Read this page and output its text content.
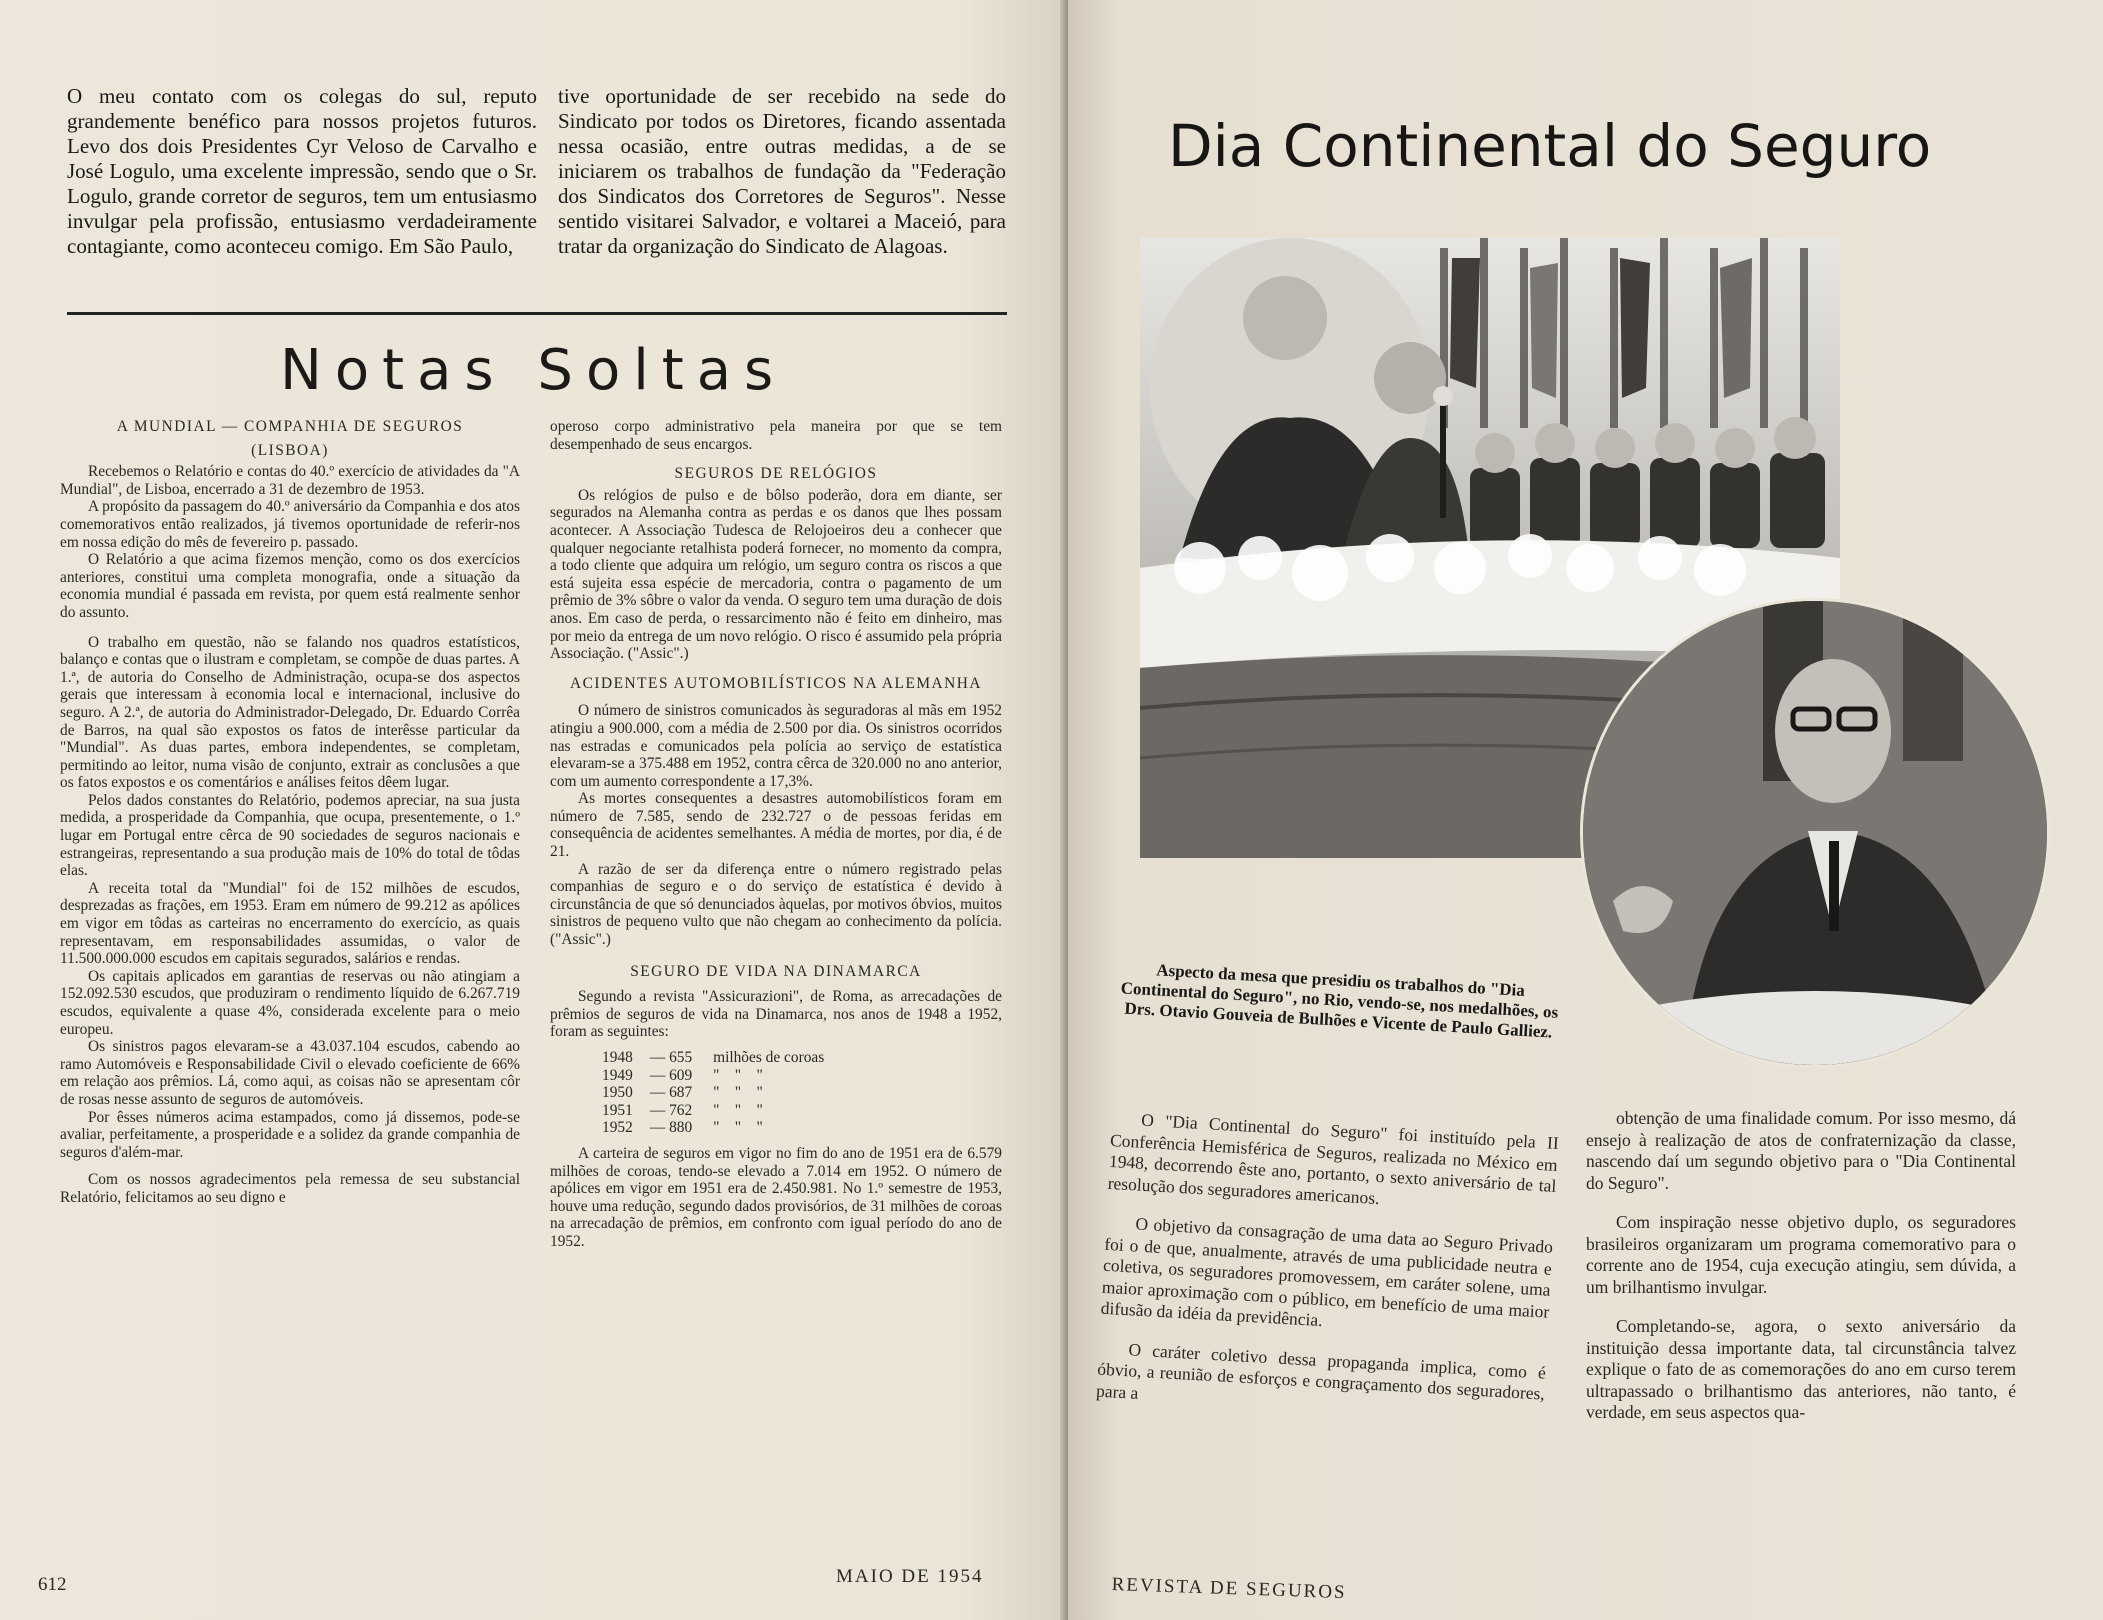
O meu contato com os colegas do sul, reputo grandemente benéfico para nossos projetos futuros. Levo dos dois Presidentes Cyr Veloso de Carvalho e José Logulo, uma excelente impressão, sendo que o Sr. Logulo, grande corretor de seguros, tem um entusiasmo invulgar pela profissão, entusiasmo verdadeiramente contagiante, como aconteceu comigo. Em São Paulo,

tive oportunidade de ser recebido na sede do Sindicato por todos os Diretores, ficando assentada nessa ocasião, entre outras medidas, a de se iniciarem os trabalhos de fundação da "Federação dos Sindicatos dos Corretores de Seguros". Nesse sentido visitarei Salvador, e voltarei a Maceió, para tratar da organização do Sindicato de Alagoas.

Notas Soltas

A MUNDIAL — COMPANHIA DE SEGUROS

(LISBOA)

Recebemos o Relatório e contas do 40.º exercício de atividades da "A Mundial", de Lisboa, encerrado a 31 de dezembro de 1953.

A propósito da passagem do 40.º aniversário da Companhia e dos atos comemorativos então realizados, já tivemos oportunidade de referir-nos em nossa edição do mês de fevereiro p. passado.

O Relatório a que acima fizemos menção, como os dos exercícios anteriores, constitui uma completa monografia, onde a situação da economia mundial é passada em revista, por quem está realmente senhor do assunto.

O trabalho em questão, não se falando nos quadros estatísticos, balanço e contas que o ilustram e completam, se compõe de duas partes. A 1.ª, de autoria do Conselho de Administração, ocupa-se dos aspectos gerais que interessam à economia local e internacional, inclusive do seguro. A 2.ª, de autoria do Administrador-Delegado, Dr. Eduardo Corrêa de Barros, na qual são expostos os fatos de interêsse particular da "Mundial". As duas partes, embora independentes, se completam, permitindo ao leitor, numa visão de conjunto, extrair as conclusões a que os fatos expostos e os comentários e análises feitos dêem lugar.

Pelos dados constantes do Relatório, podemos apreciar, na sua justa medida, a prosperidade da Companhia, que ocupa, presentemente, o 1.º lugar em Portugal entre cêrca de 90 sociedades de seguros nacionais e estrangeiras, representando a sua produção mais de 10% do total de tôdas elas.

A receita total da "Mundial" foi de 152 milhões de escudos, desprezadas as frações, em 1953. Eram em número de 99.212 as apólices em vigor em tôdas as carteiras no encerramento do exercício, as quais representavam, em responsabilidades assumidas, o valor de 11.500.000.000 escudos em capitais segurados, salários e rendas.

Os capitais aplicados em garantias de reservas ou não atingiam a 152.092.530 escudos, que produziram o rendimento líquido de 6.267.719 escudos, equivalente a quase 4%, considerada excelente para o meio europeu.

Os sinistros pagos elevaram-se a 43.037.104 escudos, cabendo ao ramo Automóveis e Responsabilidade Civil o elevado coeficiente de 66% em relação aos prêmios. Lá, como aqui, as coisas não se apresentam côr de rosas nesse assunto de seguros de automóveis.

Por êsses números acima estampados, como já dissemos, pode-se avaliar, perfeitamente, a prosperidade e a solidez da grande companhia de seguros d'além-mar.

Com os nossos agradecimentos pela remessa de seu substancial Relatório, felicitamos ao seu digno e

operoso corpo administrativo pela maneira por que se tem desempenhado de seus encargos.

SEGUROS DE RELÓGIOS

Os relógios de pulso e de bôlso poderão, dora em diante, ser segurados na Alemanha contra as perdas e os danos que lhes possam acontecer. A Associação Tudesca de Relojoeiros deu a conhecer que qualquer negociante retalhista poderá fornecer, no momento da compra, a todo cliente que adquira um relógio, um seguro contra os riscos a que está sujeita essa espécie de mercadoria, contra o pagamento de um prêmio de 3% sôbre o valor da venda. O seguro tem uma duração de dois anos. Em caso de perda, o ressarcimento não é feito em dinheiro, mas por meio da entrega de um novo relógio. O risco é assumido pela própria Associação. ("Assic".)

ACIDENTES AUTOMOBILÍSTICOS NA ALEMANHA

O número de sinistros comunicados às seguradoras al mãs em 1952 atingiu a 900.000, com a média de 2.500 por dia. Os sinistros ocorridos nas estradas e comunicados pela polícia ao serviço de estatística elevaram-se a 375.488 em 1952, contra cêrca de 320.000 no ano anterior, com um aumento correspondente a 17,3%.

As mortes consequentes a desastres automobilísticos foram em número de 7.585, sendo de 232.727 o de pessoas feridas em consequência de acidentes semelhantes. A média de mortes, por dia, é de 21.

A razão de ser da diferença entre o número registrado pelas companhias de seguro e o do serviço de estatística é devido à circunstância de que só denunciados àquelas, por motivos óbvios, muitos sinistros de pequeno vulto que não chegam ao conhecimento da polícia. ("Assic".)

SEGURO DE VIDA NA DINAMARCA

Segundo a revista "Assicurazioni", de Roma, as arrecadações de prêmios de seguros de vida na Dinamarca, nos anos de 1948 a 1952, foram as seguintes:

1948 — 655 milhões de coroas
1949 — 609 "    "    "
1950 — 687 "    "    "
1951 — 762 "    "    "
1952 — 880 "    "    "

A carteira de seguros em vigor no fim do ano de 1951 era de 6.579 milhões de coroas, tendo-se elevado a 7.014 em 1952. O número de apólices em vigor em 1951 era de 2.450.981. No 1.º semestre de 1953, houve uma redução, segundo dados provisórios, de 31 milhões de coroas na arrecadação de prêmios, em confronto com igual período do ano de 1952.

612	MAIO DE 1954
Dia Continental do Seguro
Aspecto da mesa que presidiu os trabalhos do "Dia Continental do Seguro", no Rio, vendo-se, nos medalhões, os Drs. Otavio Gouveia de Bulhões e Vicente de Paulo Galliez.

O "Dia Continental do Seguro" foi instituído pela II Conferência Hemisférica de Seguros, realizada no México em 1948, decorrendo êste ano, portanto, o sexto aniversário de tal resolução dos seguradores americanos.

O objetivo da consagração de uma data ao Seguro Privado foi o de que, anualmente, através de uma publicidade neutra e coletiva, os seguradores promovessem, em caráter solene, uma maior aproximação com o público, em benefício de uma maior difusão da idéia da previdência.

O caráter coletivo dessa propaganda implica, como é óbvio, a reunião de esforços e congraçamento dos seguradores, para a

obtenção de uma finalidade comum. Por isso mesmo, dá ensejo à realização de atos de confraternização da classe, nascendo daí um segundo objetivo para o "Dia Continental do Seguro".

Com inspiração nesse objetivo duplo, os seguradores brasileiros organizaram um programa comemorativo para o corrente ano de 1954, cuja execução atingiu, sem dúvida, a um brilhantismo invulgar.

Completando-se, agora, o sexto aniversário da instituição dessa importante data, tal circunstância talvez explique o fato de as comemorações do ano em curso terem ultrapassado o brilhantismo das anteriores, não tanto, é verdade, em seus aspectos qua-

REVISTA DE SEGUROS
